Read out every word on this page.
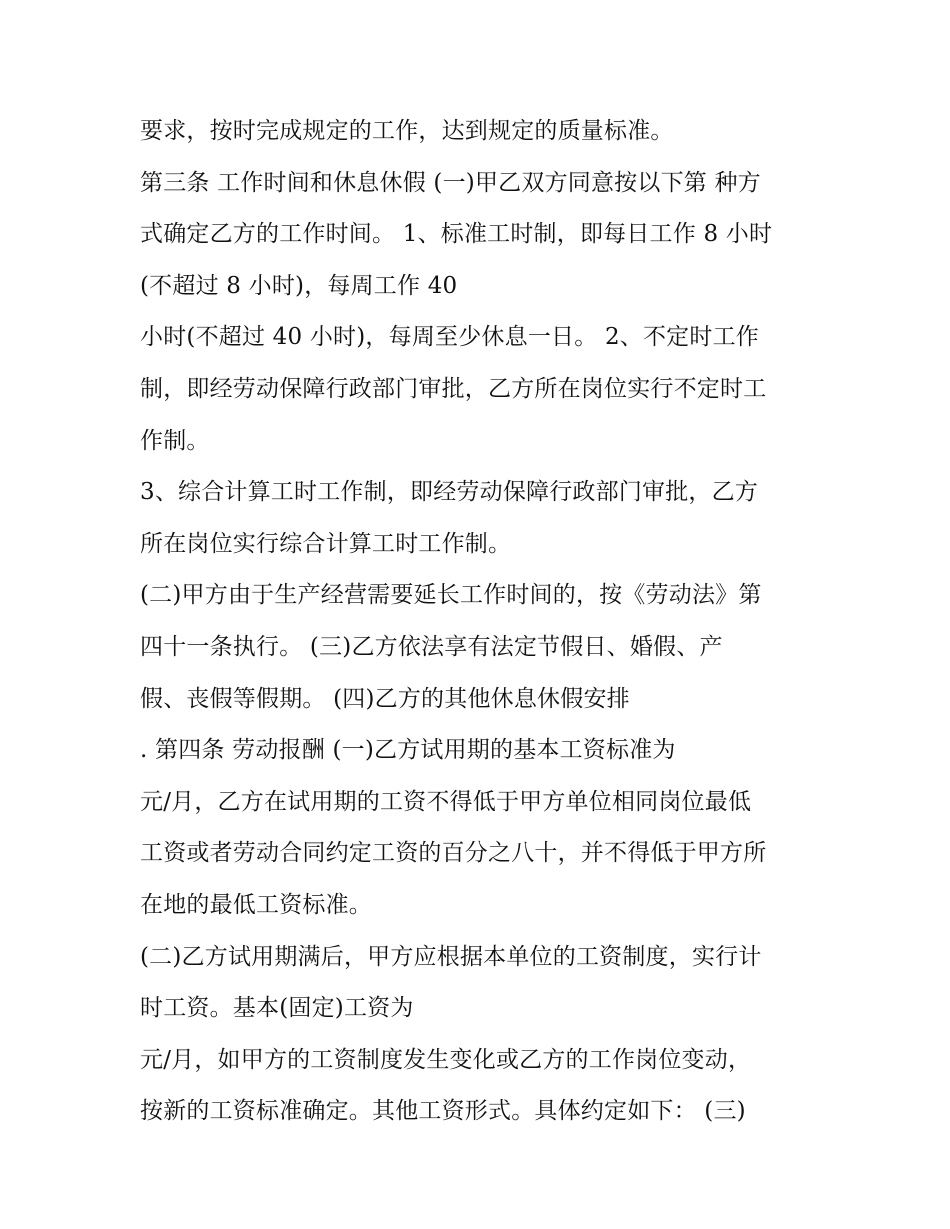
要求，按时完成规定的工作，达到规定的质量标准。
第三条 工作时间和休息休假 (一)甲乙双方同意按以下第 种方
式确定乙方的工作时间。 1、标准工时制，即每日工作 8 小时
(不超过 8 小时)，每周工作 40
小时(不超过 40 小时)，每周至少休息一日。 2、不定时工作
制，即经劳动保障行政部门审批，乙方所在岗位实行不定时工
作制。
3、综合计算工时工作制，即经劳动保障行政部门审批，乙方
所在岗位实行综合计算工时工作制。
(二)甲方由于生产经营需要延长工作时间的，按《劳动法》第
四十一条执行。 (三)乙方依法享有法定节假日、婚假、产
假、丧假等假期。 (四)乙方的其他休息休假安排
. 第四条 劳动报酬 (一)乙方试用期的基本工资标准为
元/月，乙方在试用期的工资不得低于甲方单位相同岗位最低
工资或者劳动合同约定工资的百分之八十，并不得低于甲方所
在地的最低工资标准。
(二)乙方试用期满后，甲方应根据本单位的工资制度，实行计
时工资。基本(固定)工资为
元/月，如甲方的工资制度发生变化或乙方的工作岗位变动，
按新的工资标准确定。其他工资形式。具体约定如下： (三)
